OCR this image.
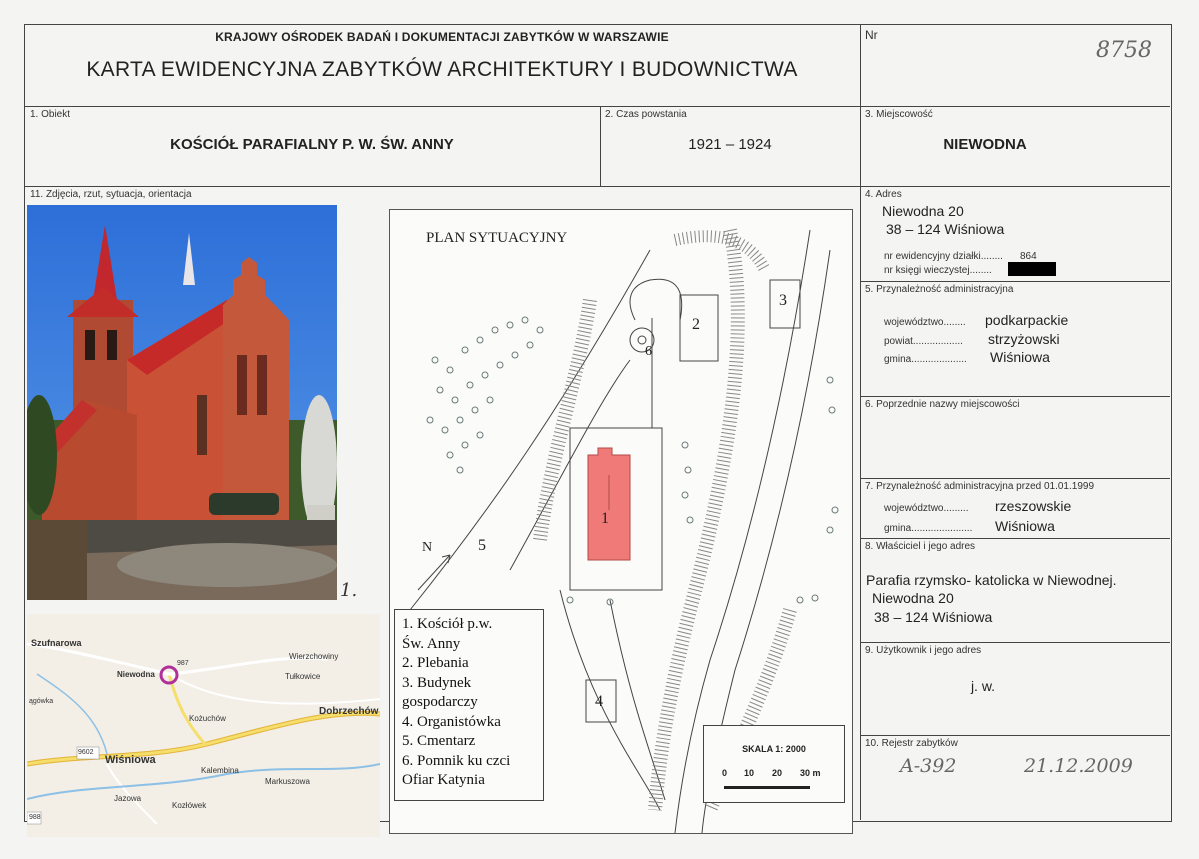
KRAJOWY OŚRODEK BADAŃ I DOKUMENTACJI ZABYTKÓW W WARSZAWIE
KARTA EWIDENCYJNA ZABYTKÓW ARCHITEKTURY I BUDOWNICTWA
Nr
8758
1. Obiekt
KOŚCIÓŁ PARAFIALNY P. W. ŚW. ANNY
2. Czas powstania
1921 – 1924
3. Miejscowość
NIEWODNA
11. Zdjęcia, rzut, sytuacja, orientacja
1.
Szufnarowa
Wierzchowiny
Niewodna	Tułkowice
Kożuchów
Dobrzechów
Wiśniowa
Kalembina
Markuszowa
Jazowa
Kozłówek
987
9602
988
ągówka
PLAN SYTUACYJNY
N
1
2
3
4
5
6
1. Kościół p.w.
Św. Anny
2. Plebania
3. Budynek
gospodarczy
4. Organistówka
5. Cmentarz
6. Pomnik ku czci
Ofiar Katynia
SKALA 1: 2000
0 10 20 30 m
4. Adres
Niewodna 20
38 – 124 Wiśniowa
nr ewidencyjny działki........ 864
nr księgi wieczystej........
5. Przynależność administracyjna
województwo........ podkarpackie
powiat.................. strzyżowski
gmina.................... Wiśniowa
6. Poprzednie nazwy miejscowości
7. Przynależność administracyjna przed 01.01.1999
województwo......... rzeszowskie
gmina...................... Wiśniowa
8. Właściciel i jego adres
Parafia rzymsko- katolicka w Niewodnej.
Niewodna 20
38 – 124 Wiśniowa
9. Użytkownik i jego adres
j. w.
10. Rejestr zabytków
A-392	21.12.2009
